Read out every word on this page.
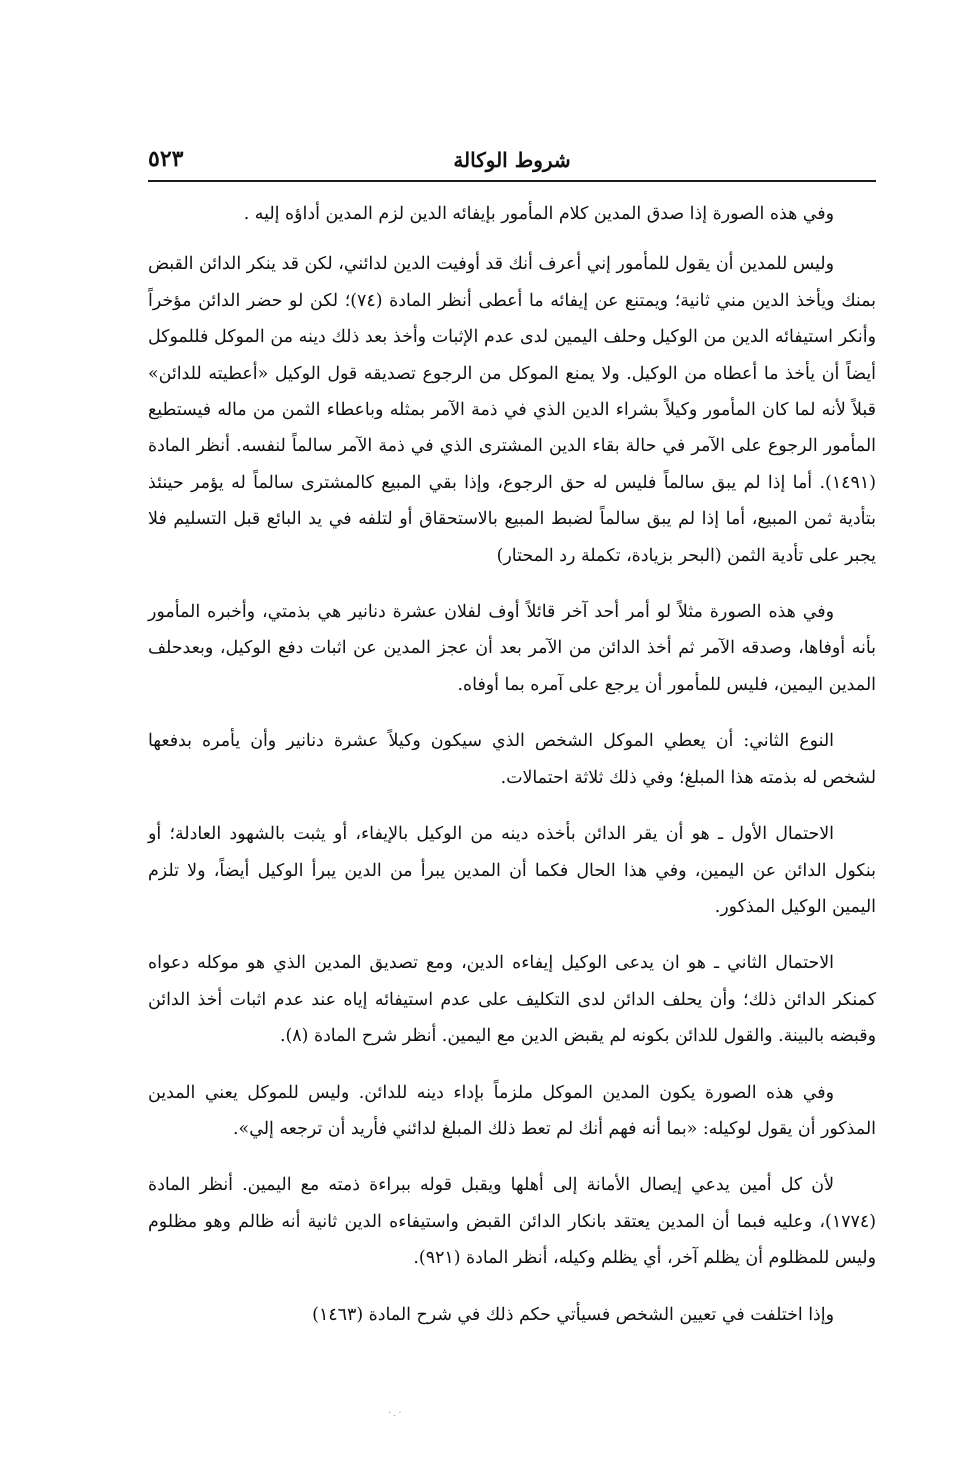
٥٢٣	شروط الوكالة

وفي هذه الصورة إذا صدق المدين كلام المأمور بإيفائه الدين لزم المدين أداؤه إليه .

وليس للمدين أن يقول للمأمور إني أعرف أنك قد أوفيت الدين لدائني، لكن قد ينكر الدائن القبض بمنك ويأخذ الدين مني ثانية؛ ويمتنع عن إيفائه ما أعطى أنظر المادة (٧٤)؛ لكن لو حضر الدائن مؤخراً وأنكر استيفائه الدين من الوكيل وحلف اليمين لدى عدم الإثبات وأخذ بعد ذلك دينه من الموكل فللموكل أيضاً أن يأخذ ما أعطاه من الوكيل. ولا يمنع الموكل من الرجوع تصديقه قول الوكيل «أعطيته للدائن» قبلاً لأنه لما كان المأمور وكيلاً بشراء الدين الذي في ذمة الآمر بمثله وباعطاء الثمن من ماله فيستطيع المأمور الرجوع على الآمر في حالة بقاء الدين المشترى الذي في ذمة الآمر سالماً لنفسه. أنظر المادة (١٤٩١). أما إذا لم يبق سالماً فليس له حق الرجوع، وإذا بقي المبيع كالمشترى سالماً له يؤمر حينئذ بتأدية ثمن المبيع، أما إذا لم يبق سالماً لضبط المبيع بالاستحقاق أو لتلفه في يد البائع قبل التسليم فلا يجبر على تأدية الثمن (البحر بزيادة، تكملة رد المحتار)

وفي هذه الصورة مثلاً لو أمر أحد آخر قائلاً أوف لفلان عشرة دنانير هي بذمتي، وأخبره المأمور بأنه أوفاها، وصدقه الآمر ثم أخذ الدائن من الآمر بعد أن عجز المدين عن اثبات دفع الوكيل، وبعدحلف المدين اليمين، فليس للمأمور أن يرجع على آمره بما أوفاه.

النوع الثاني: أن يعطي الموكل الشخص الذي سيكون وكيلاً عشرة دنانير وأن يأمره بدفعها لشخص له بذمته هذا المبلغ؛ وفي ذلك ثلاثة احتمالات.

الاحتمال الأول ـ هو أن يقر الدائن بأخذه دينه من الوكيل بالإيفاء، أو يثبت بالشهود العادلة؛ أو بنكول الدائن عن اليمين، وفي هذا الحال فكما أن المدين يبرأ من الدين يبرأ الوكيل أيضاً، ولا تلزم اليمين الوكيل المذكور.

الاحتمال الثاني ـ هو ان يدعى الوكيل إيفاءه الدين، ومع تصديق المدين الذي هو موكله دعواه كمنكر الدائن ذلك؛ وأن يحلف الدائن لدى التكليف على عدم استيفائه إياه عند عدم اثبات أخذ الدائن وقبضه بالبينة. والقول للدائن بكونه لم يقبض الدين مع اليمين. أنظر شرح المادة (٨).

وفي هذه الصورة يكون المدين الموكل ملزماً بإداء دينه للدائن. وليس للموكل يعني المدين المذكور أن يقول لوكيله: «بما أنه فهم أنك لم تعط ذلك المبلغ لدائني فأريد أن ترجعه إلي».

لأن كل أمين يدعي إيصال الأمانة إلى أهلها ويقبل قوله ببراءة ذمته مع اليمين. أنظر المادة (١٧٧٤)، وعليه فبما أن المدين يعتقد بانكار الدائن القبض واستيفاءه الدين ثانية أنه ظالم وهو مظلوم وليس للمظلوم أن يظلم آخر، أي يظلم وكيله، أنظر المادة (٩٢١).

وإذا اختلفت في تعيين الشخص فسيأتي حكم ذلك في شرح المادة (١٤٦٣)

·.·
